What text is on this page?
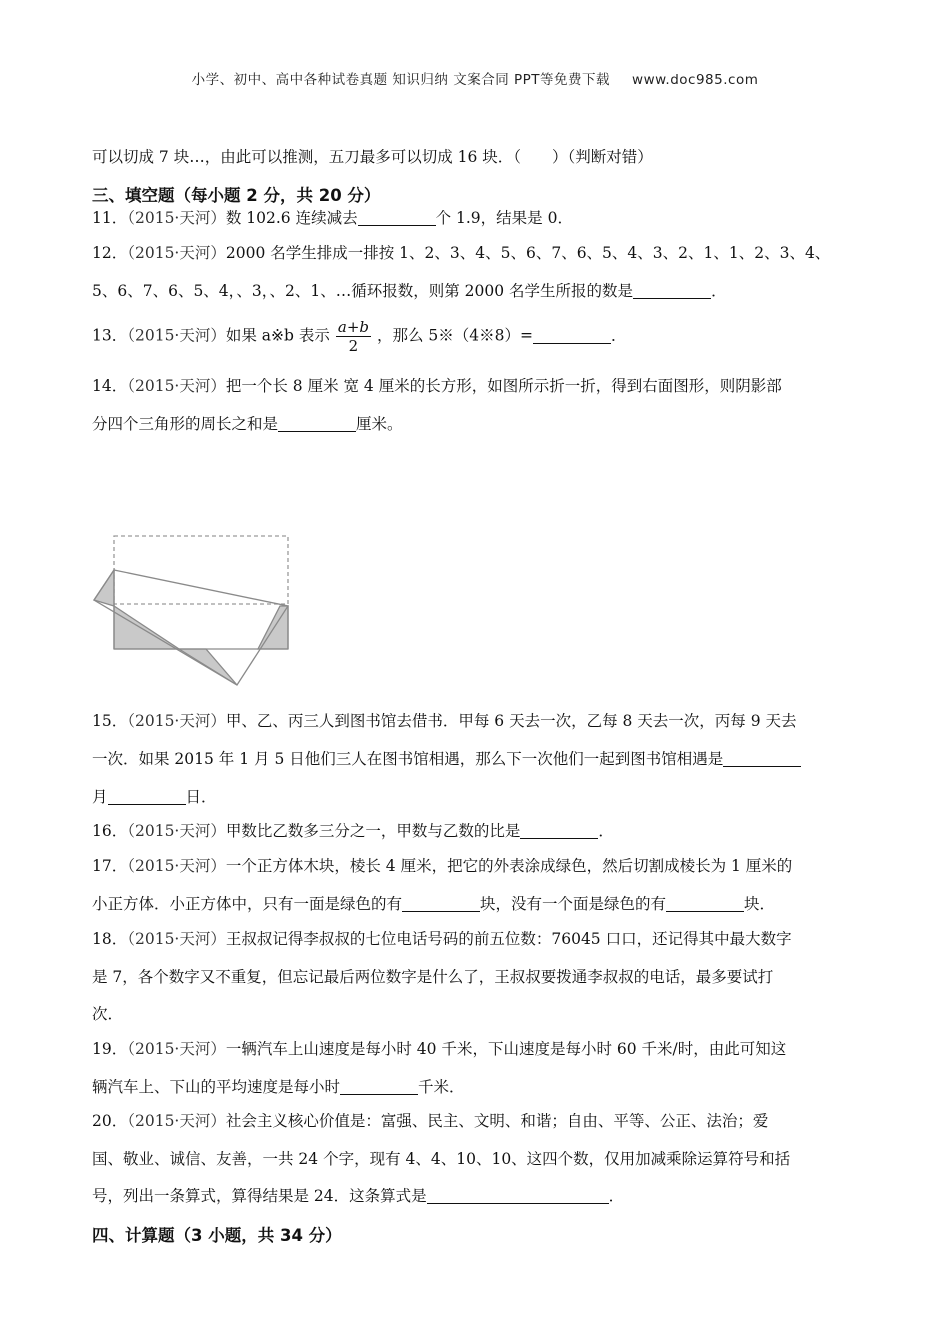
小学、初中、高中各种试卷真题 知识归纳 文案合同 PPT等免费下载 www.doc985.com
可以切成 7 块…，由此可以推测，五刀最多可以切成 16 块．（　　）（判断对错）
三、填空题（每小题 2 分，共 20 分）
11．（2015·天河）数 102.6 连续减去	个 1.9，结果是 0．
12．（2015·天河）2000 名学生排成一排按 1、2、3、4、5、6、7、6、5、4、3、2、1、1、2、3、4、
5、6、7、6、5、4，、3，、2、1、…循环报数，则第 2000 名学生所报的数是	．
13．（2015·天河）如果 a※b 表示 $\frac{a+b}{2}$ ，那么 5※（4※8）=	．
14．（2015·天河）把一个长 8 厘米 宽 4 厘米的长方形，如图所示折一折，得到右面图形，则阴影部
分四个三角形的周长之和是	厘米。
15．（2015·天河）甲、乙、丙三人到图书馆去借书．甲每 6 天去一次，乙每 8 天去一次，丙每 9 天去
一次．如果 2015 年 1 月 5 日他们三人在图书馆相遇，那么下一次他们一起到图书馆相遇是
月	日．
16．（2015·天河）甲数比乙数多三分之一，甲数与乙数的比是	．
17．（2015·天河）一个正方体木块，棱长 4 厘米，把它的外表涂成绿色，然后切割成棱长为 1 厘米的
小正方体．小正方体中，只有一面是绿色的有	块，没有一个面是绿色的有	块．
18．（2015·天河）王叔叔记得李叔叔的七位电话号码的前五位数：76045 口口，还记得其中最大数字
是 7，各个数字又不重复，但忘记最后两位数字是什么了，王叔叔要拨通李叔叔的电话，最多要试打
次．
19．（2015·天河）一辆汽车上山速度是每小时 40 千米，下山速度是每小时 60 千米/时，由此可知这
辆汽车上、下山的平均速度是每小时	千米．
20．（2015·天河）社会主义核心价值是：富强、民主、文明、和谐；自由、平等、公正、法治；爱
国、敬业、诚信、友善，一共 24 个字，现有 4、4、10、10、这四个数，仅用加减乘除运算符号和括
号，列出一条算式，算得结果是 24．这条算式是	．
四、计算题（3 小题，共 34 分）
